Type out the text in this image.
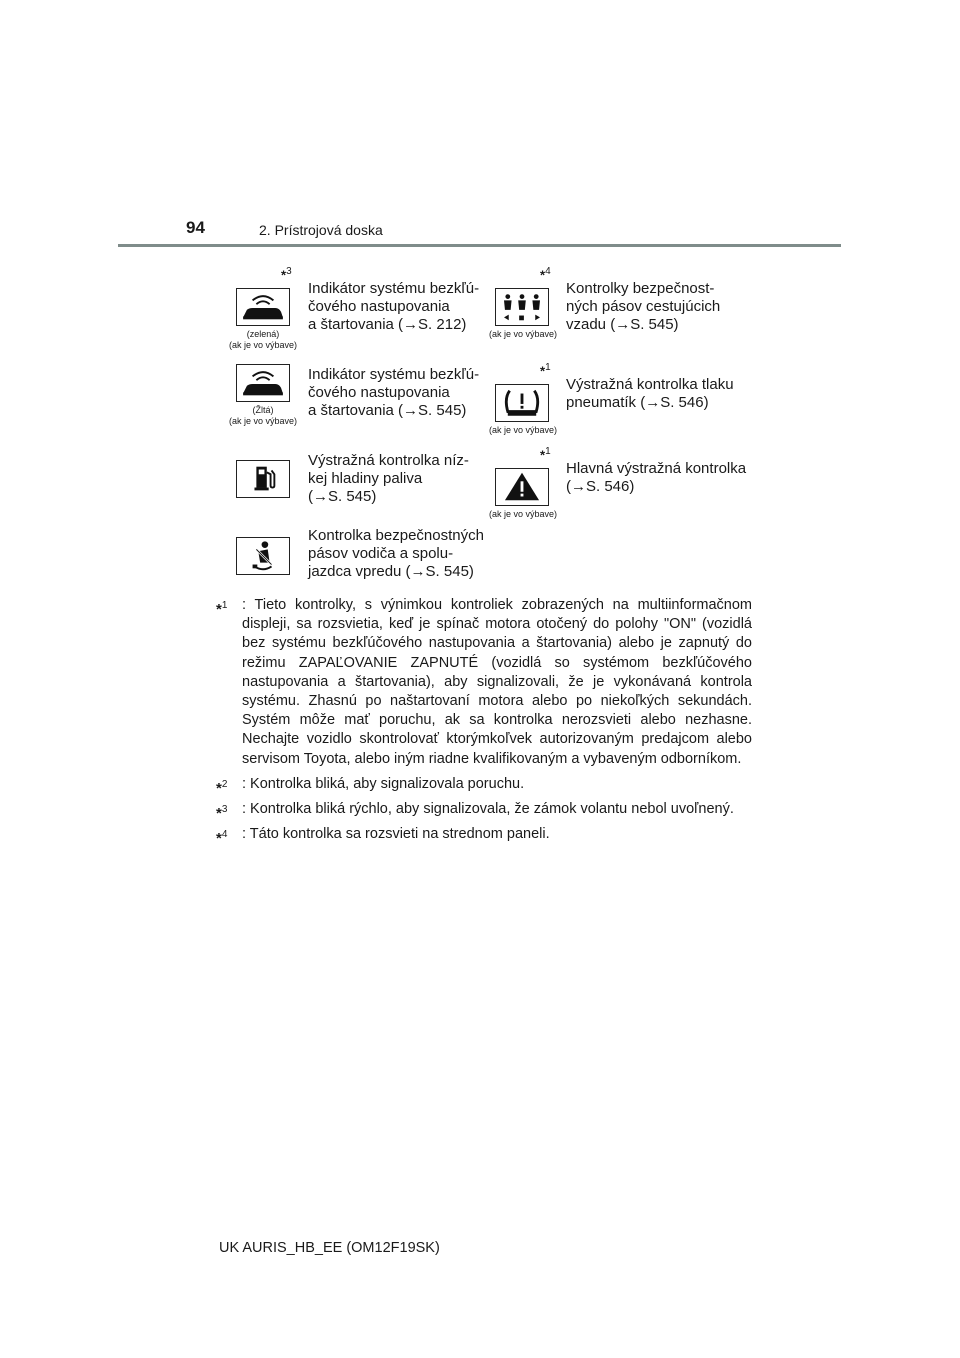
94	2. Prístrojová doska
$*_3$
(zelená)
(ak je vo výbave)
Indikátor systému bezkľú-
čového nastupovania
a štartovania (→S. 212)
$*_4$
(ak je vo výbave)
Kontrolky bezpečnost-
ných pásov cestujúcich
vzadu (→S. 545)
(Žltá)
(ak je vo výbave)
Indikátor systému bezkľú-
čového nastupovania
a štartovania (→S. 545)
$*_1$
(ak je vo výbave)
Výstražná kontrolka tlaku
pneumatík (→S. 546)
Výstražná kontrolka níz-
kej hladiny paliva
(→S. 545)
$*_1$
(ak je vo výbave)
Hlavná výstražná kontrolka
(→S. 546)
Kontrolka bezpečnostných
pásov vodiča a spolu-
jazdca vpredu (→S. 545)
$*_1$ : Tieto kontrolky, s výnimkou kontroliek zobrazených na multiinformačnom displeji, sa rozsvietia, keď je spínač motora otočený do polohy "ON" (vozidlá bez systému bezkľúčového nastupovania a štartovania) alebo je zapnutý do režimu ZAPAĽOVANIE ZAPNUTÉ (vozidlá so systémom bezkľúčového nastupovania a štartovania), aby signalizovali, že je vykonávaná kontrola systému. Zhasnú po naštartovaní motora alebo po niekoľkých sekundách. Systém môže mať poruchu, ak sa kontrolka nerozsvieti alebo nezhasne. Nechajte vozidlo skontrolovať ktorýmkoľvek autorizovaným predajcom alebo servisom Toyota, alebo iným riadne kvalifikovaným a vybaveným odborníkom.
$*_2$ : Kontrolka bliká, aby signalizovala poruchu.
$*_3$ : Kontrolka bliká rýchlo, aby signalizovala, že zámok volantu nebol uvoľnený.
$*_4$ : Táto kontrolka sa rozsvieti na strednom paneli.
UK AURIS_HB_EE (OM12F19SK)
